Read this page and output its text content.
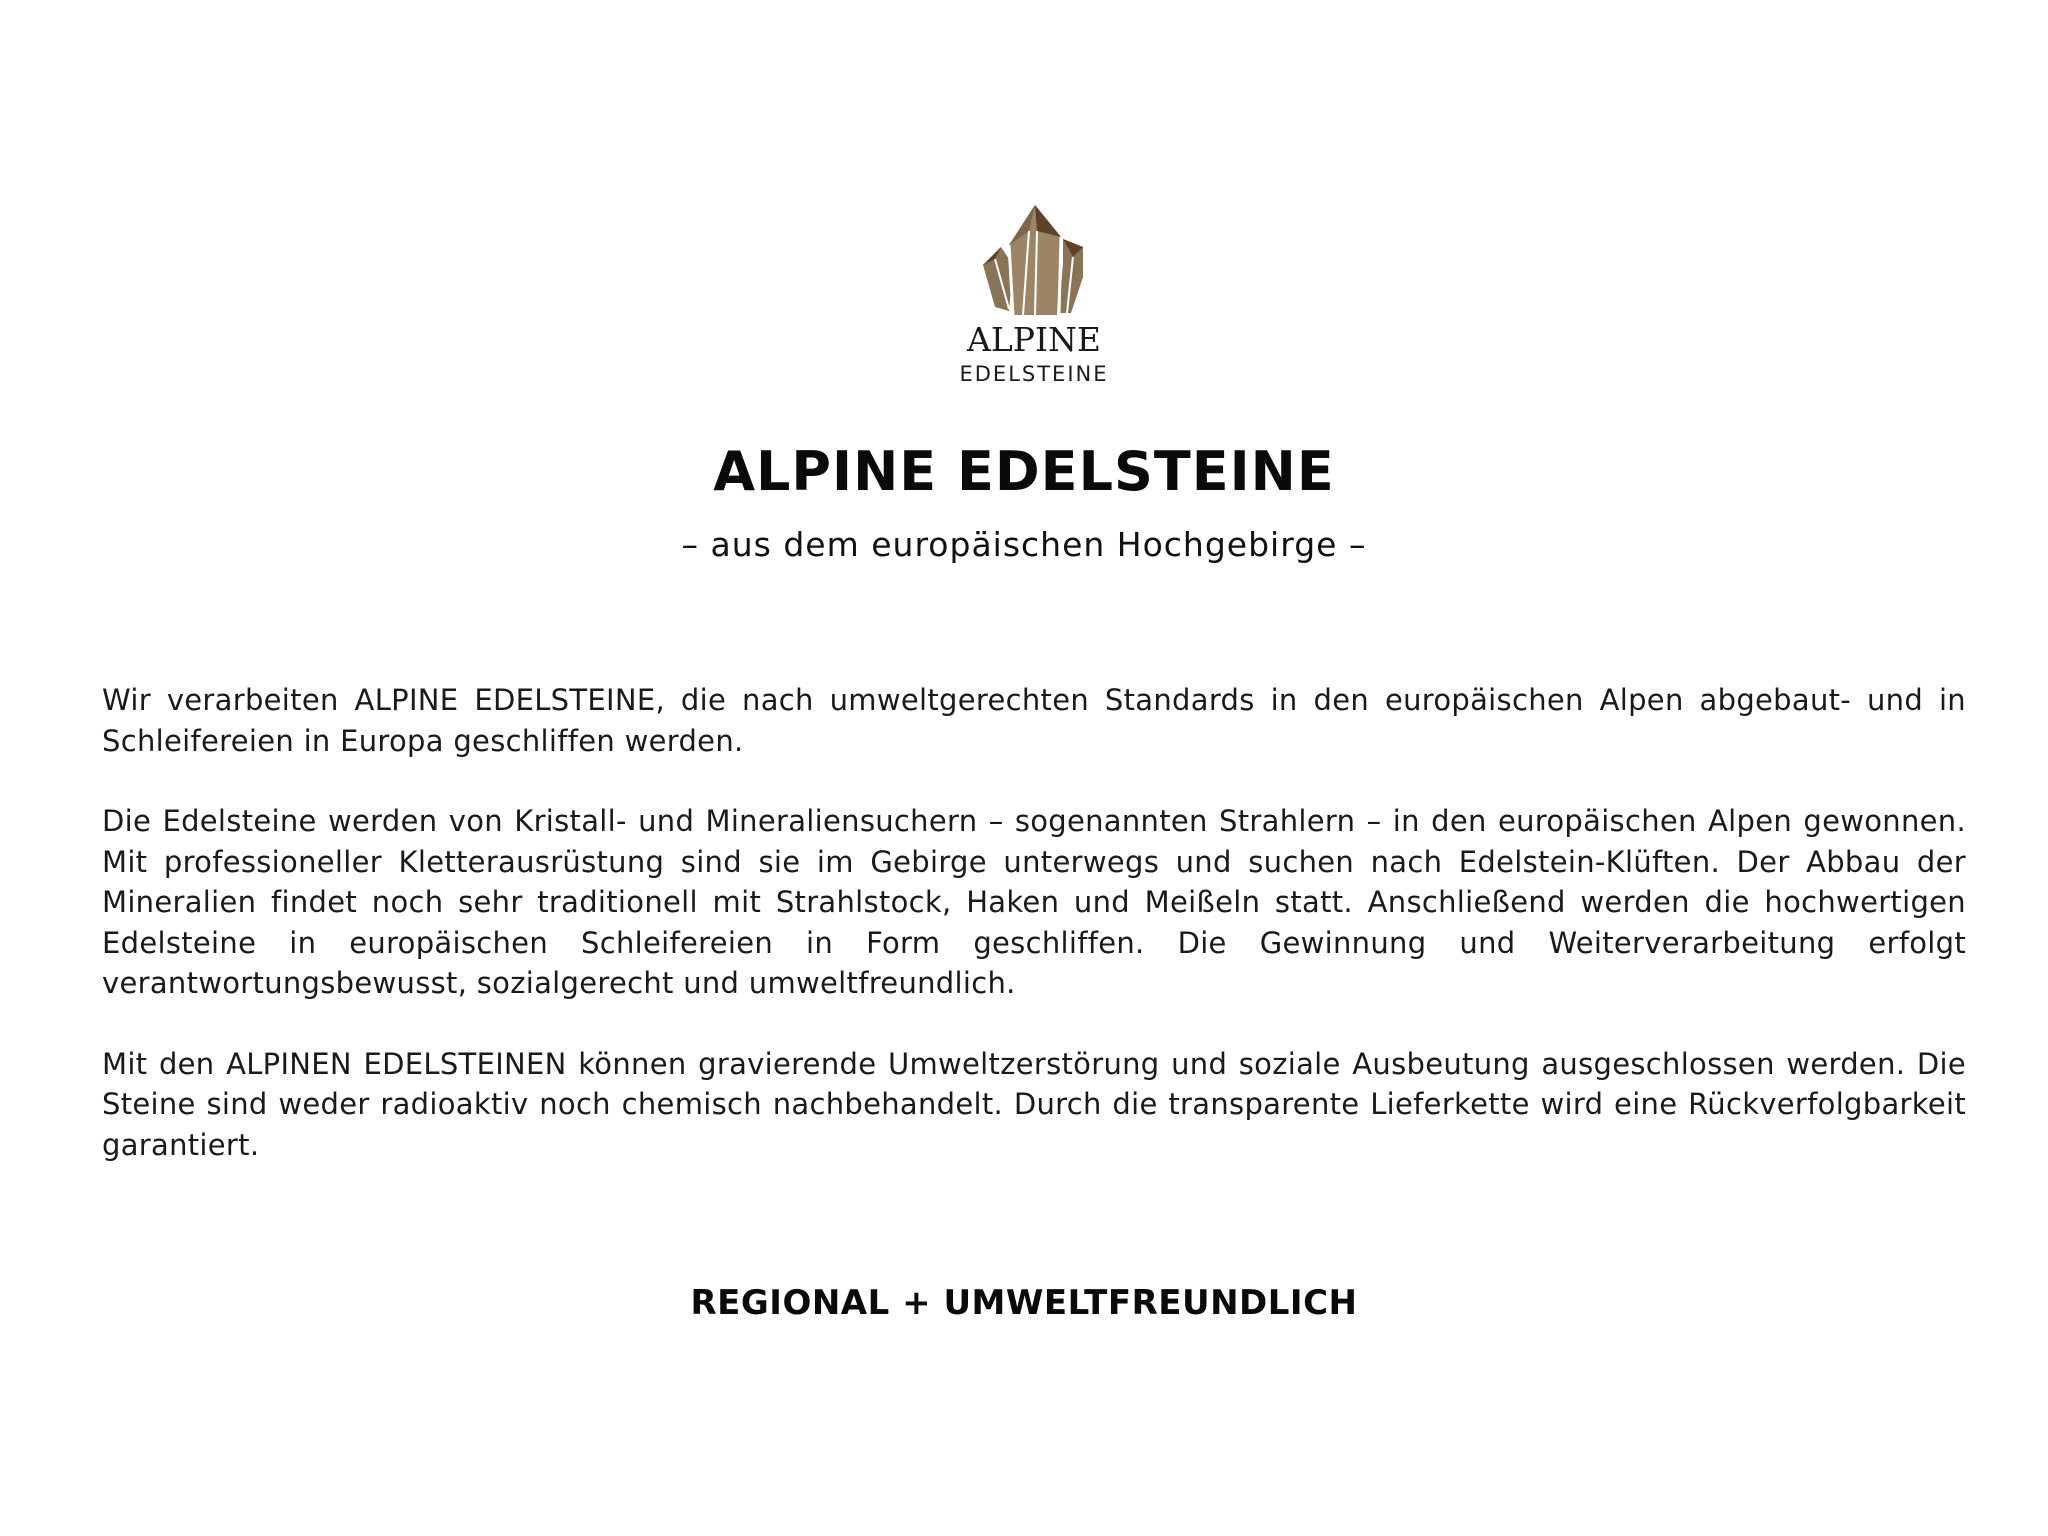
ALPINE
EDELSTEINE
ALPINE EDELSTEINE

– aus dem europäischen Hochgebirge –

Wir verarbeiten ALPINE EDELSTEINE, die nach umweltgerechten Standards in den europäischen Alpen abgebaut- und in Schleifereien in Europa geschliffen werden.

Die Edelsteine werden von Kristall- und Mineraliensuchern – sogenannten Strahlern – in den europäischen Alpen gewonnen. Mit professioneller Kletterausrüstung sind sie im Gebirge unterwegs und suchen nach Edelstein-Klüften. Der Abbau der Mineralien findet noch sehr traditionell mit Strahlstock, Haken und Meißeln statt. Anschließend werden die hochwertigen Edelsteine in europäischen Schleifereien in Form geschliffen. Die Gewinnung und Weiterverarbeitung erfolgt verantwortungsbewusst, sozialgerecht und umweltfreundlich.

Mit den ALPINEN EDELSTEINEN können gravierende Umweltzerstörung und soziale Ausbeutung ausgeschlossen werden. Die Steine sind weder radioaktiv noch chemisch nachbehandelt. Durch die transparente Lieferkette wird eine Rückverfolgbarkeit garantiert.

REGIONAL + UMWELTFREUNDLICH
